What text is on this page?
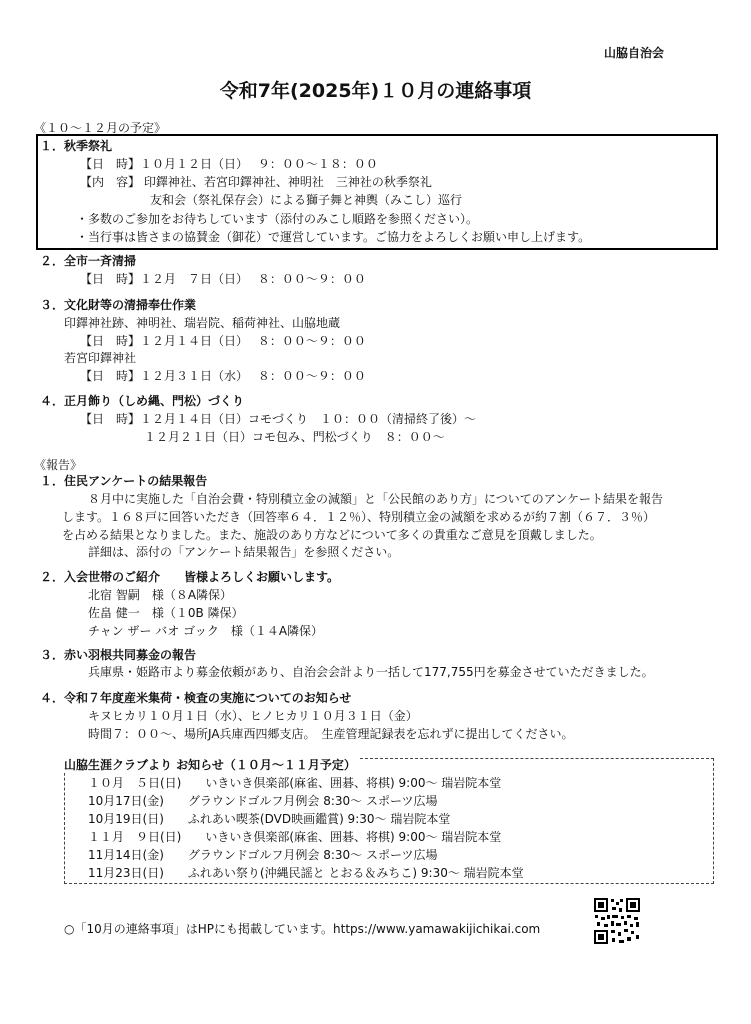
山脇自治会
令和7年(2025年)１０月の連絡事項
《１０～１２月の予定》
１．秋季祭礼
【日　時】１０月１２日（日）　 ９：００～１８：００
【内　容】 印鐸神社、若宮印鐸神社、神明社　三神社の秋季祭礼
友和会（祭礼保存会）による獅子舞と神輿（みこし）巡行
・多数のご参加をお待ちしています（添付のみこし順路を参照ください）。
・当行事は皆さまの協賛金（御花）で運営しています。ご協力をよろしくお願い申し上げます。
２．全市一斉清掃
【日　時】１２月　７日（日）　 ８：００～９：００
３．文化財等の清掃奉仕作業
印鐸神社跡、神明社、瑞岩院、稲荷神社、山脇地蔵
【日　時】１２月１４日（日）　 ８：００～９：００
若宮印鐸神社
【日　時】１２月３１日（水）　 ８：００～９：００
４．正月飾り（しめ縄、門松）づくり
【日　時】１２月１４日（日）コモづくり　１０：００（清掃終了後）～
１２月２１日（日）コモ包み、門松づくり　８：００～
《報告》
１．住民アンケートの結果報告
８月中に実施した「自治会費・特別積立金の減額」と「公民館のあり方」についてのアンケート結果を報告
します。１６８戸に回答いただき（回答率６４．１２％）、特別積立金の減額を求めるが約７割（６７．３％）
を占める結果となりました。また、施設のあり方などについて多くの貴重なご意見を頂戴しました。
詳細は、添付の「アンケート結果報告」を参照ください。
２．入会世帯のご紹介　　皆様よろしくお願いします。
北宿 智嗣　様（８A隣保）
佐畠 健一　様（１0B 隣保）
チャン ザー バオ ゴック　様（１４A隣保）
３．赤い羽根共同募金の報告
兵庫県・姫路市より募金依頼があり、自治会会計より一括して177,755円を募金させていただきました。
４．令和７年度産米集荷・検査の実施についてのお知らせ
キヌヒカリ１０月１日（水）、ヒノヒカリ１０月３１日（金）
時間７：００～、場所JA兵庫西四郷支店。　生産管理記録表を忘れずに提出してください。
山脇生涯クラブより お知らせ（１０月～１１月予定）
１０月　５日(日)　　いきいき倶楽部(麻雀、囲碁、将棋) 9:00～ 瑞岩院本堂
10月17日(金)　　グラウンドゴルフ月例会 8:30～ スポーツ広場
10月19日(日)　　ふれあい喫茶(DVD映画鑑賞) 9:30～ 瑞岩院本堂
１１月　９日(日)　　いきいき倶楽部(麻雀、囲碁、将棋) 9:00～ 瑞岩院本堂
11月14日(金)　　グラウンドゴルフ月例会 8:30～ スポーツ広場
11月23日(日)　　ふれあい祭り(沖縄民謡と とおる＆みちこ) 9:30～ 瑞岩院本堂
○「10月の連絡事項」はHPにも掲載しています。https://www.yamawakijichikai.com
